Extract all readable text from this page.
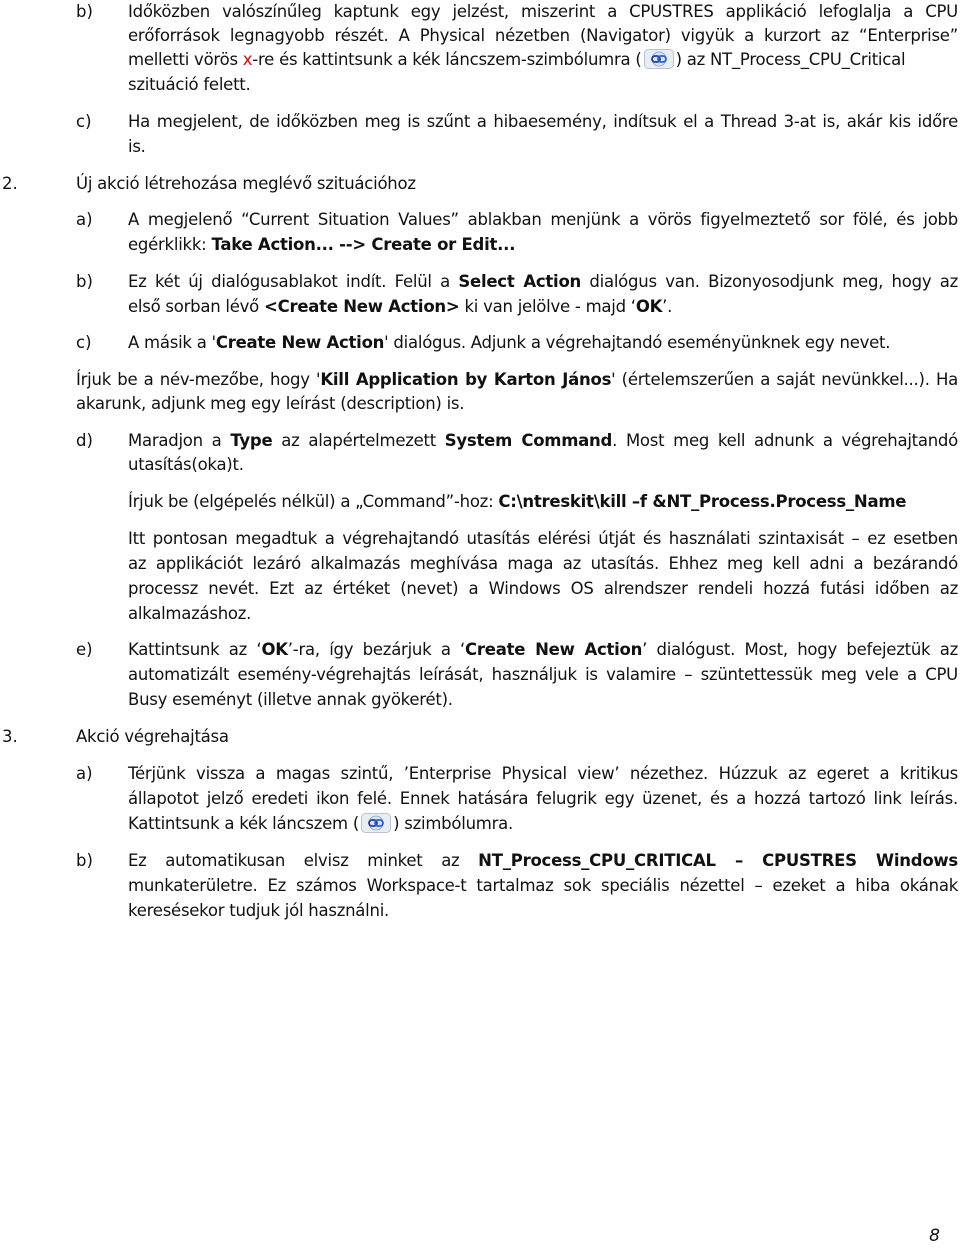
b) Időközben valószínűleg kaptunk egy jelzést, miszerint a CPUSTRES applikáció lefoglalja a CPU
erőforrások legnagyobb részét. A Physical nézetben (Navigator) vigyük a kurzort az “Enterprise”
melletti vörös x-re és kattintsunk a kék láncszem-szimbólumra ( ) az NT_Process_CPU_Critical
szituáció felett.
c) Ha megjelent, de időközben meg is szűnt a hibaesemény, indítsuk el a Thread 3-at is, akár kis időre
is.
2.	Új akció létrehozása meglévő szituációhoz
a) A megjelenő “Current Situation Values” ablakban menjünk a vörös figyelmeztető sor fölé, és jobb
egérklikk: Take Action... --> Create or Edit...
b) Ez két új dialógusablakot indít. Felül a Select Action dialógus van. Bizonyosodjunk meg, hogy az
első sorban lévő <Create New Action> ki van jelölve - majd ‘OK’.
c) A másik a 'Create New Action' dialógus. Adjunk a végrehajtandó eseményünknek egy nevet.
Írjuk be a név-mezőbe, hogy 'Kill Application by Karton János' (értelemszerűen a saját nevünkkel...). Ha
akarunk, adjunk meg egy leírást (description) is.
d) Maradjon a Type az alapértelmezett System Command. Most meg kell adnunk a végrehajtandó
utasítás(oka)t.
Írjuk be (elgépelés nélkül) a „Command”-hoz: C:\ntreskit\kill –f &NT_Process.Process_Name
Itt pontosan megadtuk a végrehajtandó utasítás elérési útját és használati szintaxisát – ez esetben
az applikációt lezáró alkalmazás meghívása maga az utasítás. Ehhez meg kell adni a bezárandó
processz nevét. Ezt az értéket (nevet) a Windows OS alrendszer rendeli hozzá futási időben az
alkalmazáshoz.
e) Kattintsunk az ‘OK’-ra, így bezárjuk a ‘Create New Action’ dialógust. Most, hogy befejeztük az
automatizált esemény-végrehajtás leírását, használjuk is valamire – szüntettessük meg vele a CPU
Busy eseményt (illetve annak gyökerét).
3.	Akció végrehajtása
a) Térjünk vissza a magas szintű, ’Enterprise Physical view’ nézethez. Húzzuk az egeret a kritikus
állapotot jelző eredeti ikon felé. Ennek hatására felugrik egy üzenet, és a hozzá tartozó link leírás.
Kattintsunk a kék láncszem ( ) szimbólumra.
b) Ez automatikusan elvisz minket az NT_Process_CPU_CRITICAL – CPUSTRES Windows
munkaterületre. Ez számos Workspace-t tartalmaz sok speciális nézettel – ezeket a hiba okának
keresésekor tudjuk jól használni.
8
